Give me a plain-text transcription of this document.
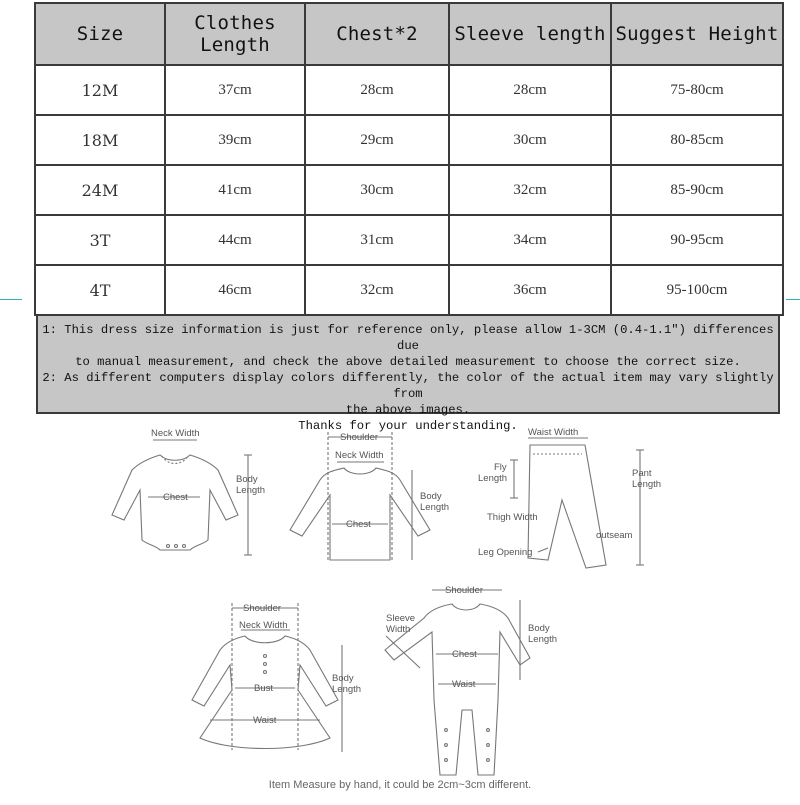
Size	Clothes Length	Chest*2	Sleeve length	Suggest Height
12M	37cm	28cm	28cm	75-80cm
18M	39cm	29cm	30cm	80-85cm
24M	41cm	30cm	32cm	85-90cm
3T	44cm	31cm	34cm	90-95cm
4T	46cm	32cm	36cm	95-100cm

1: This dress size information is just for reference only, please allow 1-3CM (0.4-1.1") differences due

to manual measurement, and check the above detailed measurement to choose the correct size.

2: As different computers display colors differently, the color of the actual item may vary slightly from

the above images.

Thanks for your understanding.

Neck Width
Chest
Body
Length
Shoulder
Neck Width
Chest
Body
Length
Waist Width
Fly
Length
Thigh Width
Leg Opening
outseam
Pant
Length
Shoulder
Neck Width
Bust
Waist
Body
Length
Shoulder
Sleeve
Width
Chest
Waist
Body
Length
Item Measure by hand, it could be 2cm~3cm different.
